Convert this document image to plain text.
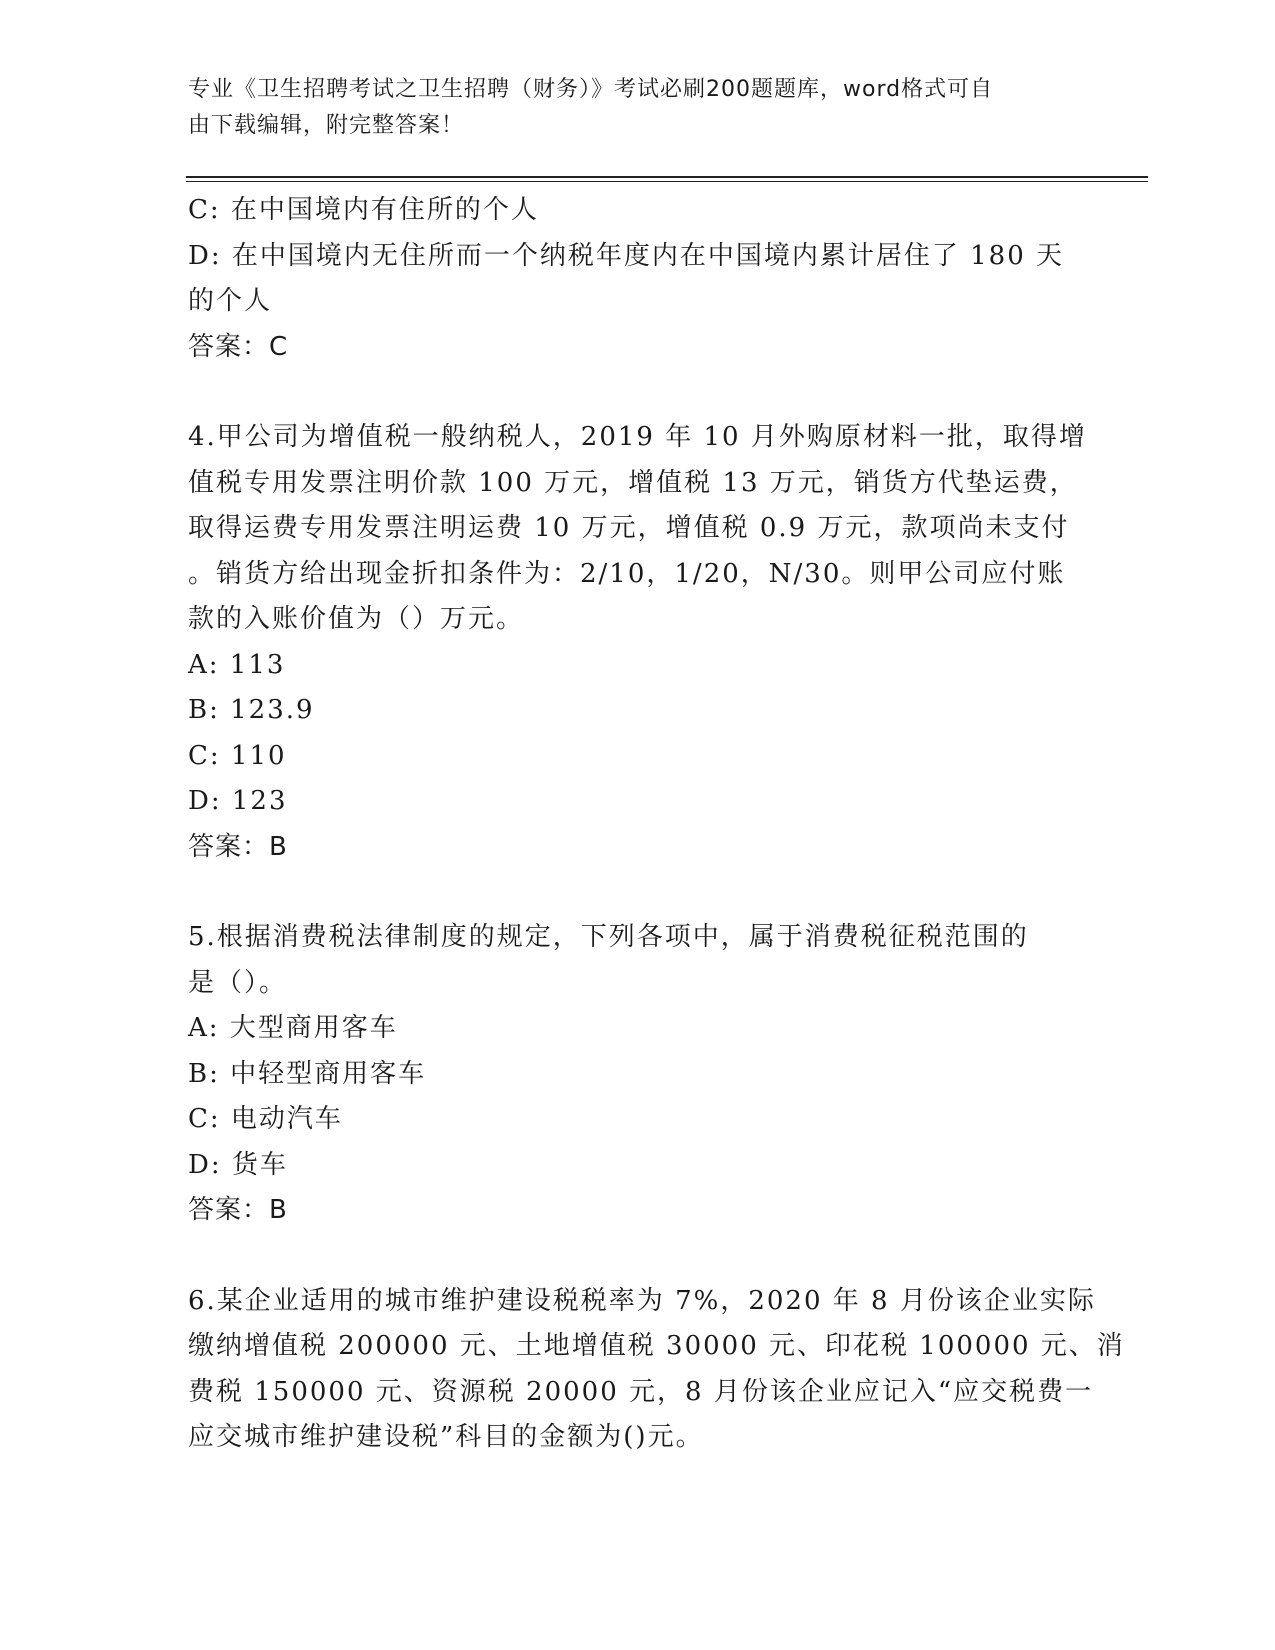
专业《卫生招聘考试之卫生招聘（财务）》考试必刷200题题库，word格式可自
由下载编辑，附完整答案！
C: 在中国境内有住所的个人
D: 在中国境内无住所而一个纳税年度内在中国境内累计居住了 180 天
的个人
答案：C
4.甲公司为增值税一般纳税人，2019 年 10 月外购原材料一批，取得增
值税专用发票注明价款 100 万元，增值税 13 万元，销货方代垫运费，
取得运费专用发票注明运费 10 万元，增值税 0.9 万元，款项尚未支付
。销货方给出现金折扣条件为：2/10，1/20，N/30。则甲公司应付账
款的入账价值为（）万元。
A: 113
B: 123.9
C: 110
D: 123
答案：B
5.根据消费税法律制度的规定，下列各项中，属于消费税征税范围的
是（）。
A: 大型商用客车
B: 中轻型商用客车
C: 电动汽车
D: 货车
答案：B
6.某企业适用的城市维护建设税税率为 7%，2020 年 8 月份该企业实际
缴纳增值税 200000 元、土地增值税 30000 元、印花税 100000 元、消
费税 150000 元、资源税 20000 元，8 月份该企业应记入“应交税费一
应交城市维护建设税”科目的金额为()元。
